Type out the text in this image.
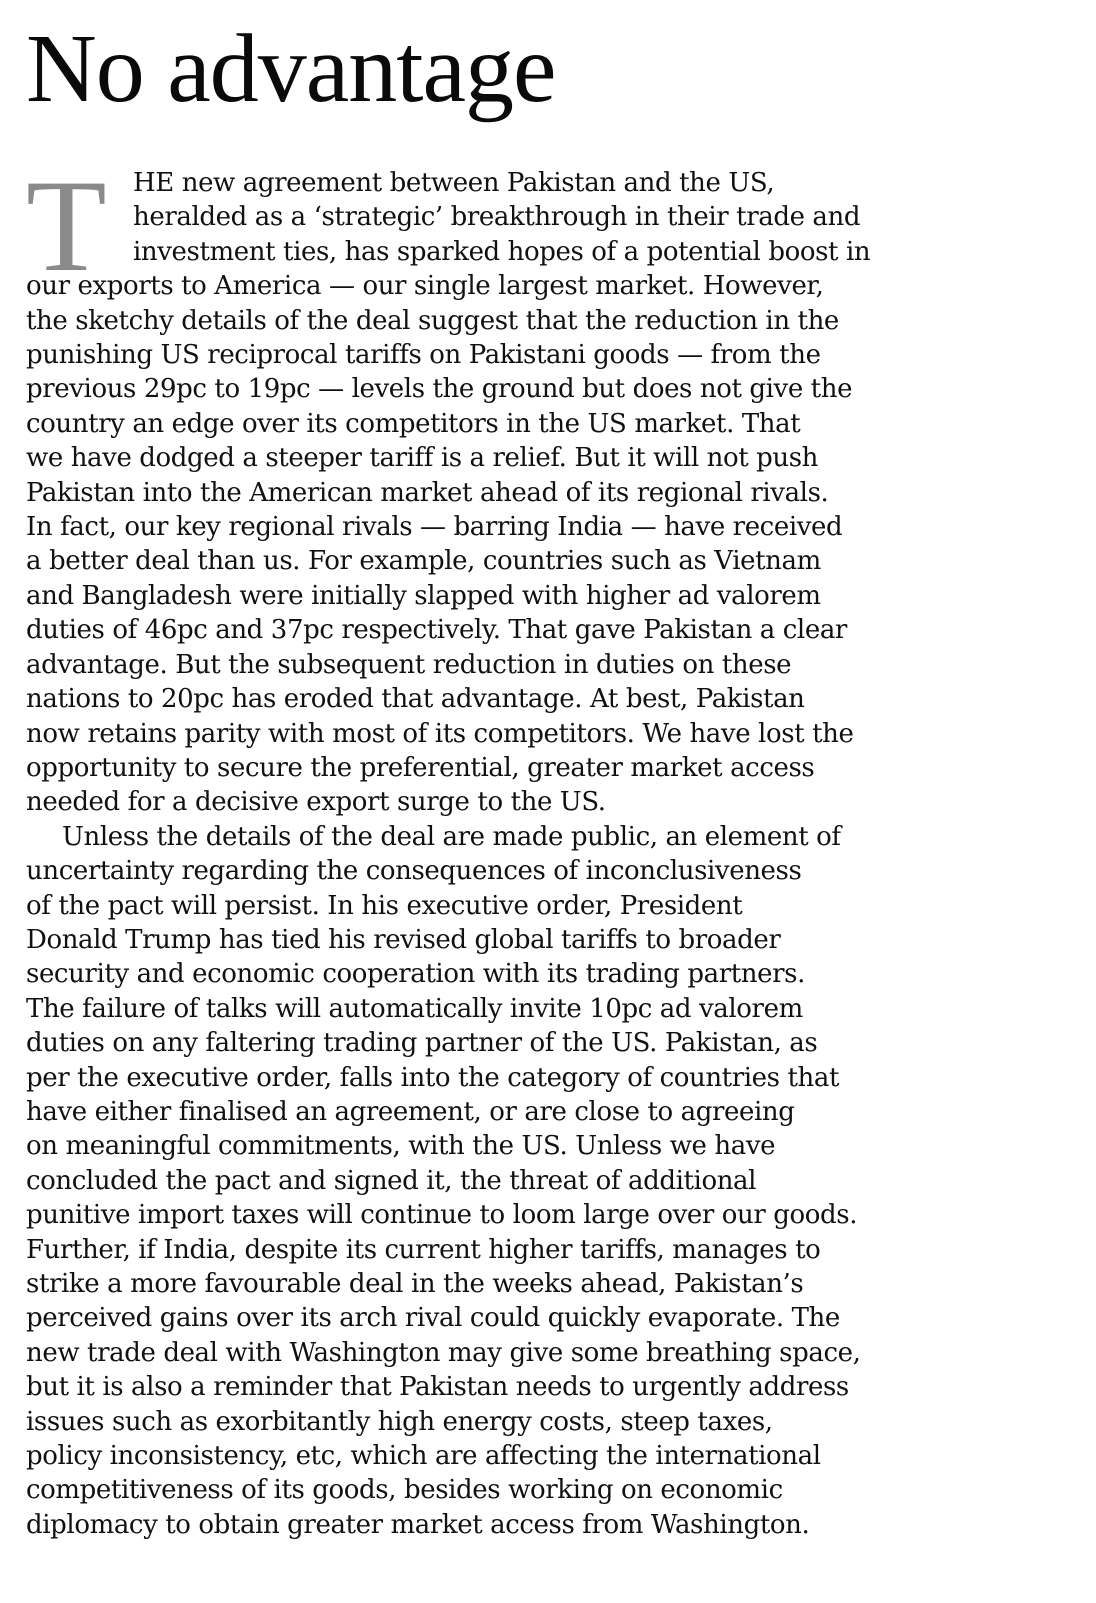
No advantage

T	HE new agreement between Pakistan and the US,
heralded as a ‘strategic’ breakthrough in their trade and
investment ties, has sparked hopes of a potential boost in
our exports to America — our single largest market. However,
the sketchy details of the deal suggest that the reduction in the
punishing US reciprocal tariffs on Pakistani goods — from the
previous 29pc to 19pc — levels the ground but does not give the
country an edge over its competitors in the US market. That
we have dodged a steeper tariff is a relief. But it will not push
Pakistan into the American market ahead of its regional rivals.
In fact, our key regional rivals — barring India — have received
a better deal than us. For example, countries such as Vietnam
and Bangladesh were initially slapped with higher ad valorem
duties of 46pc and 37pc respectively. That gave Pakistan a clear
advantage. But the subsequent reduction in duties on these
nations to 20pc has eroded that advantage. At best, Pakistan
now retains parity with most of its competitors. We have lost the
opportunity to secure the preferential, greater market access
needed for a decisive export surge to the US.

Unless the details of the deal are made public, an element of
uncertainty regarding the consequences of inconclusiveness
of the pact will persist. In his executive order, President
Donald Trump has tied his revised global tariffs to broader
security and economic cooperation with its trading partners.
The failure of talks will automatically invite 10pc ad valorem
duties on any faltering trading partner of the US. Pakistan, as
per the executive order, falls into the category of countries that
have either finalised an agreement, or are close to agreeing
on meaningful commitments, with the US. Unless we have
concluded the pact and signed it, the threat of additional
punitive import taxes will continue to loom large over our goods.
Further, if India, despite its current higher tariffs, manages to
strike a more favourable deal in the weeks ahead, Pakistan’s
perceived gains over its arch rival could quickly evaporate. The
new trade deal with Washington may give some breathing space,
but it is also a reminder that Pakistan needs to urgently address
issues such as exorbitantly high energy costs, steep taxes,
policy inconsistency, etc, which are affecting the international
competitiveness of its goods, besides working on economic
diplomacy to obtain greater market access from Washington.
